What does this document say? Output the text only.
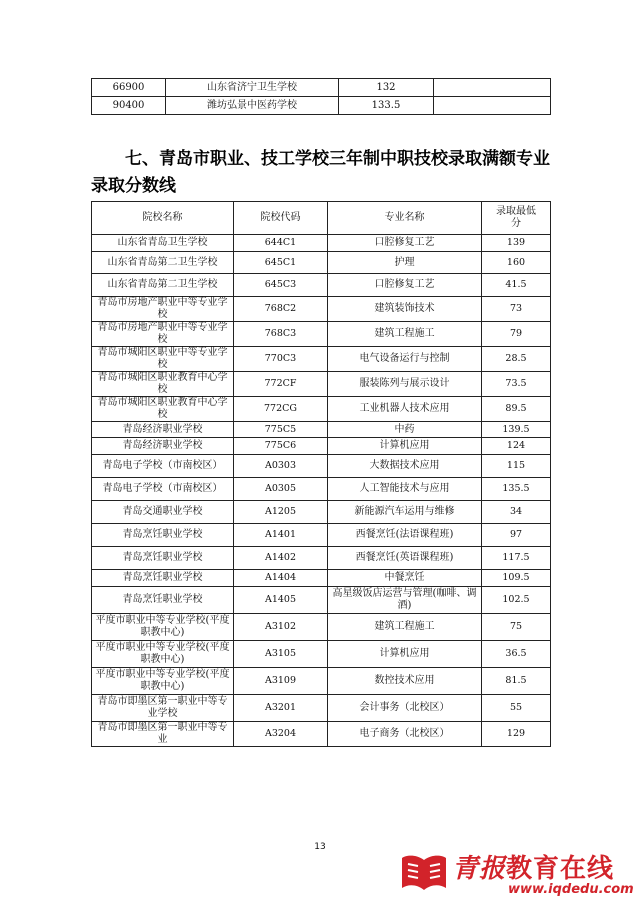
66900	山东省济宁卫生学校	132	
90400	潍坊弘景中医药学校	133.5	
七、青岛市职业、技工学校三年制中职技校录取满额专业录取分数线
院校名称	院校代码	专业名称	录取最低分
山东省青岛卫生学校	644C1	口腔修复工艺	139
山东省青岛第二卫生学校	645C1	护理	160
山东省青岛第二卫生学校	645C3	口腔修复工艺	41.5
青岛市房地产职业中等专业学校	768C2	建筑装饰技术	73
青岛市房地产职业中等专业学校	768C3	建筑工程施工	79
青岛市城阳区职业中等专业学校	770C3	电气设备运行与控制	28.5
青岛市城阳区职业教育中心学校	772CF	服装陈列与展示设计	73.5
青岛市城阳区职业教育中心学校	772CG	工业机器人技术应用	89.5
青岛经济职业学校	775C5	中药	139.5
青岛经济职业学校	775C6	计算机应用	124
青岛电子学校（市南校区）	A0303	大数据技术应用	115
青岛电子学校（市南校区）	A0305	人工智能技术与应用	135.5
青岛交通职业学校	A1205	新能源汽车运用与维修	34
青岛烹饪职业学校	A1401	西餐烹饪(法语课程班)	97
青岛烹饪职业学校	A1402	西餐烹饪(英语课程班)	117.5
青岛烹饪职业学校	A1404	中餐烹饪	109.5
青岛烹饪职业学校	A1405	高星级饭店运营与管理(咖啡、调酒)	102.5
平度市职业中等专业学校(平度职教中心)	A3102	建筑工程施工	75
平度市职业中等专业学校(平度职教中心)	A3105	计算机应用	36.5
平度市职业中等专业学校(平度职教中心)	A3109	数控技术应用	81.5
青岛市即墨区第一职业中等专业学校	A3201	会计事务（北校区）	55
青岛市即墨区第一职业中等专业	A3204	电子商务（北校区）	129
13
青报教育在线
www.iqdedu.com
